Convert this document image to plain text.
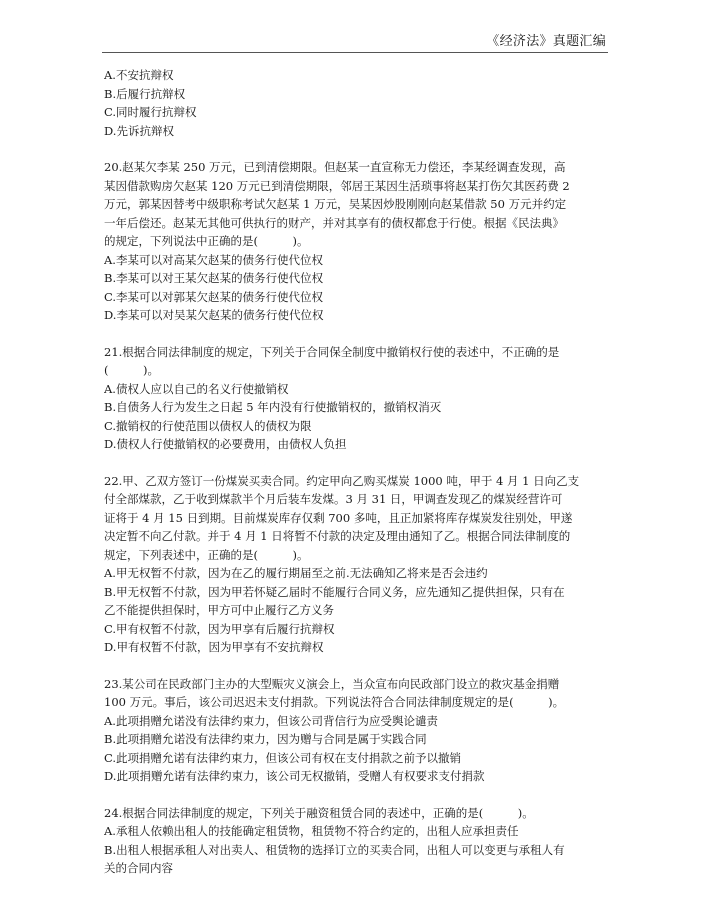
《经济法》真题汇编
A.不安抗辩权
B.后履行抗辩权
C.同时履行抗辩权
D.先诉抗辩权
20.赵某欠李某 250 万元，已到清偿期限。但赵某一直宣称无力偿还，李某经调查发现，高
某因借款购房欠赵某 120 万元已到清偿期限，邻居王某因生活琐事将赵某打伤欠其医药费 2
万元，郭某因替考中级职称考试欠赵某 1 万元，吴某因炒股刚刚向赵某借款 50 万元并约定
一年后偿还。赵某无其他可供执行的财产，并对其享有的债权都怠于行使。根据《民法典》
的规定，下列说法中正确的是(　　　)。
A.李某可以对高某欠赵某的债务行使代位权
B.李某可以对王某欠赵某的债务行使代位权
C.李某可以对郭某欠赵某的债务行使代位权
D.李某可以对吴某欠赵某的债务行使代位权
21.根据合同法律制度的规定，下列关于合同保全制度中撤销权行使的表述中，不正确的是
(　　　)。
A.债权人应以自己的名义行使撤销权
B.自债务人行为发生之日起 5 年内没有行使撤销权的，撤销权消灭
C.撤销权的行使范围以债权人的债权为限
D.债权人行使撤销权的必要费用，由债权人负担
22.甲、乙双方签订一份煤炭买卖合同。约定甲向乙购买煤炭 1000 吨，甲于 4 月 1 日向乙支
付全部煤款，乙于收到煤款半个月后装车发煤。3 月 31 日，甲调查发现乙的煤炭经营许可
证将于 4 月 15 日到期。目前煤炭库存仅剩 700 多吨，且正加紧将库存煤炭发往别处，甲遂
决定暂不向乙付款。并于 4 月 1 日将暂不付款的决定及理由通知了乙。根据合同法律制度的
规定，下列表述中，正确的是(　　　)。
A.甲无权暂不付款，因为在乙的履行期届至之前.无法确知乙将来是否会违约
B.甲无权暂不付款，因为甲若怀疑乙届时不能履行合同义务，应先通知乙提供担保，只有在
乙不能提供担保时，甲方可中止履行乙方义务
C.甲有权暂不付款，因为甲享有后履行抗辩权
D.甲有权暂不付款，因为甲享有不安抗辩权
23.某公司在民政部门主办的大型赈灾义演会上，当众宣布向民政部门设立的救灾基金捐赠
100 万元。事后，该公司迟迟未支付捐款。下列说法符合合同法律制度规定的是(　　　)。
A.此项捐赠允诺没有法律约束力，但该公司背信行为应受舆论谴责
B.此项捐赠允诺没有法律约束力，因为赠与合同是属于实践合同
C.此项捐赠允诺有法律约束力，但该公司有权在支付捐款之前予以撤销
D.此项捐赠允诺有法律约束力，该公司无权撤销，受赠人有权要求支付捐款
24.根据合同法律制度的规定，下列关于融资租赁合同的表述中，正确的是(　　　)。
A.承租人依赖出租人的技能确定租赁物，租赁物不符合约定的，出租人应承担责任
B.出租人根据承租人对出卖人、租赁物的选择订立的买卖合同，出租人可以变更与承租人有
关的合同内容
